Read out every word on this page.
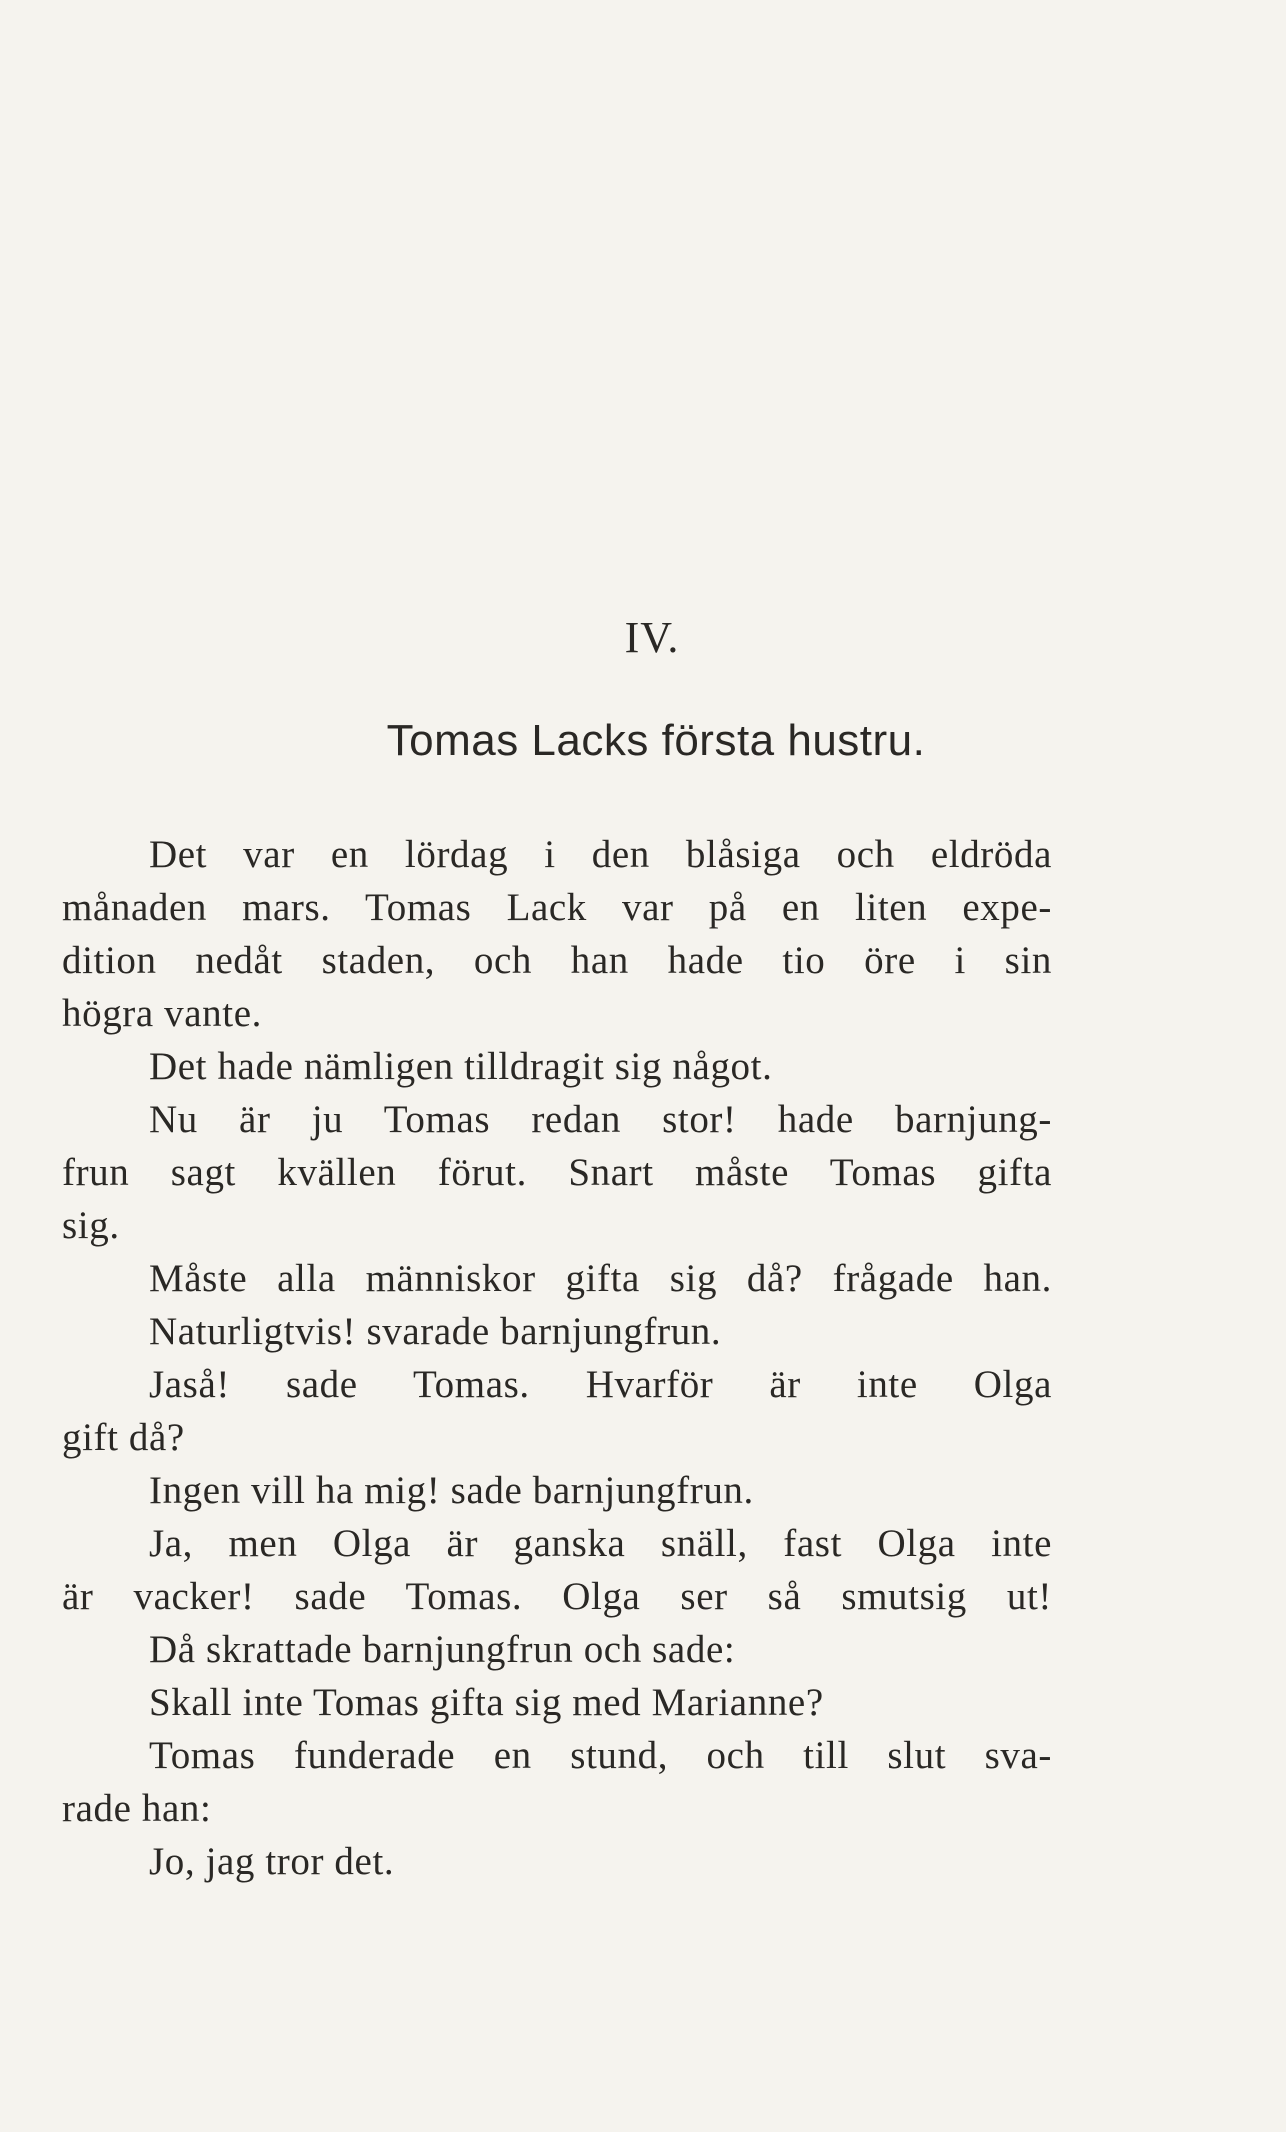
IV.
Tomas Lacks första hustru.
Det var en lördag i den blåsiga och eldröda
månaden mars. Tomas Lack var på en liten expe-
dition nedåt staden, och han hade tio öre i sin
högra vante.
Det hade nämligen tilldragit sig något.
Nu är ju Tomas redan stor! hade barnjung-
frun sagt kvällen förut. Snart måste Tomas gifta
sig.
Måste alla människor gifta sig då? frågade han.
Naturligtvis! svarade barnjungfrun.
Jaså! sade Tomas. Hvarför är inte Olga
gift då?
Ingen vill ha mig! sade barnjungfrun.
Ja, men Olga är ganska snäll, fast Olga inte
är vacker! sade Tomas. Olga ser så smutsig ut!
Då skrattade barnjungfrun och sade:
Skall inte Tomas gifta sig med Marianne?
Tomas funderade en stund, och till slut sva-
rade han:
Jo, jag tror det.
